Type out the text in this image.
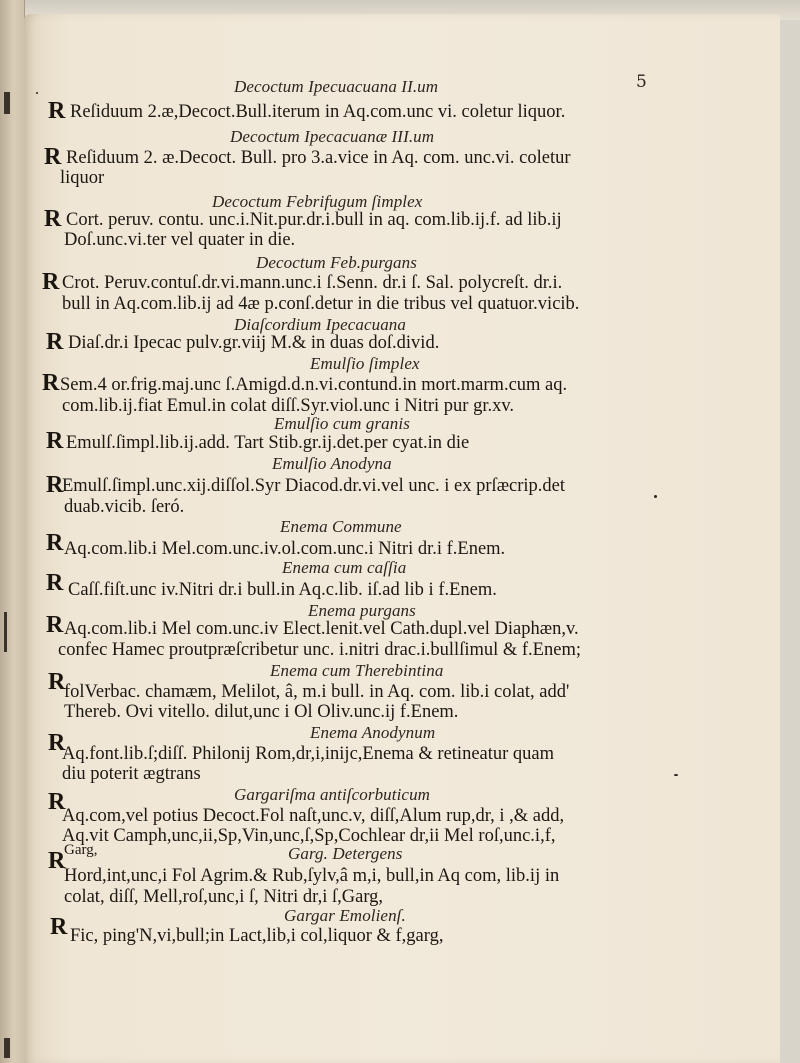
5
Decoctum Ipecuacuana II.um
R Reſiduum 2.æ,Decoct.Bull.iterum in Aq.com.unc vi. coletur liquor.
Decoctum Ipecacuanæ III.um
R Reſiduum 2. æ.Decoct. Bull. pro 3.a.vice in Aq. com. unc.vi. coletur
liquor
Decoctum Febrifugum ſimplex
R Cort. peruv. contu. unc.i.Nit.pur.dr.i.bull in aq. com.lib.ij.f. ad lib.ij
Doſ.unc.vi.ter vel quater in die.
Decoctum Feb.purgans
R Crot. Peruv.contuſ.dr.vi.mann.unc.i ſ.Senn. dr.i ſ. Sal. polycreſt. dr.i.
bull in Aq.com.lib.ij ad 4æ p.conſ.detur in die tribus vel quatuor.vicib.
Diaſcordium Ipecacuana
R Diaſ.dr.i Ipecac pulv.gr.viij M.& in duas doſ.divid.
Emulſio ſimplex
R Sem.4 or.frig.maj.unc ſ.Amigd.d.n.vi.contund.in mort.marm.cum aq.
com.lib.ij.fiat Emul.in colat diſſ.Syr.viol.unc i Nitri pur gr.xv.
Emulſio cum granis
R Emulſ.ſimpl.lib.ij.add. Tart Stib.gr.ij.det.per cyat.in die
Emulſio Anodyna
R
Emulſ.ſimpl.unc.xij.diſſol.Syr Diacod.dr.vi.vel unc. i ex prſæcrip.det
duab.vicib. ſeró.
Enema Commune
R Aq.com.lib.i Mel.com.unc.iv.ol.com.unc.i Nitri dr.i f.Enem.
Enema cum caſſia
R Caſſ.fiſt.unc iv.Nitri dr.i bull.in Aq.c.lib. iſ.ad lib i f.Enem.
Enema purgans
R Aq.com.lib.i Mel com.unc.iv Elect.lenit.vel Cath.dupl.vel Diaphæn,v.
confec Hamec proutpræſcribetur unc. i.nitri drac.i.bullſimul & f.Enem;
Enema cum Therebintina
R
folVerbac. chamæm, Melilot, â, m.i bull. in Aq. com. lib.i colat, add'
Thereb. Ovi vitello. dilut,unc i Ol Oliv.unc.ij f.Enem.
Enema Anodynum
R
Aq.font.lib.ſ;diſſ. Philonij Rom,dr,i,inijc,Enema & retineatur quam
diu poterit ægtrans
Gargariſma antiſcorbuticum
R
Aq.com,vel potius Decoct.Fol naſt,unc.v, diſſ,Alum rup,dr, i ,& add,
Aq.vit Camph,unc,ii,Sp,Vin,unc,ſ,Sp,Cochlear dr,ii Mel roſ,unc.i,f,
Garg,	Garg. Detergens
R
Hord,int,unc,i Fol Agrim.& Rub,ſylv,â m,i, bull,in Aq com, lib.ij in
colat, diſſ, Mell,roſ,unc,i ſ, Nitri dr,i ſ,Garg,
Gargar Emolienſ.
R Fic, ping'N,vi,bull;in Lact,lib,i col,liquor & f,garg,
